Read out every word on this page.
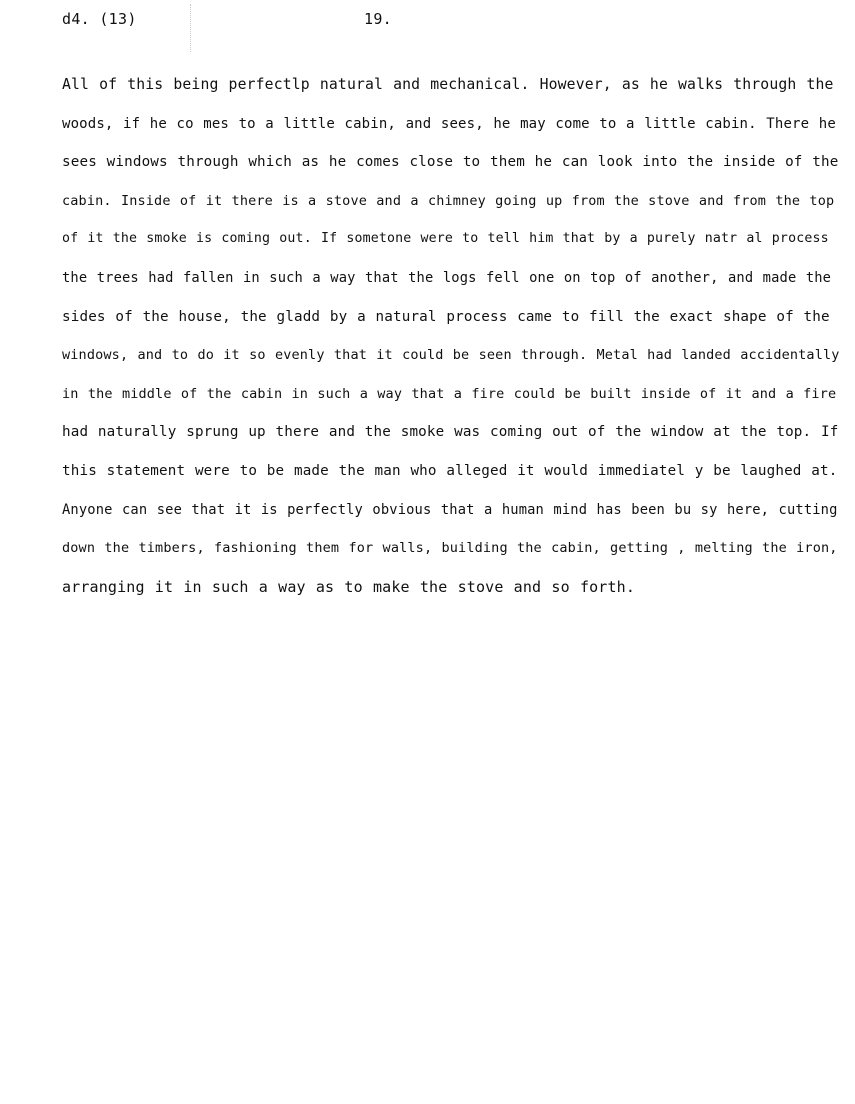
d4. (13)	19.
All of this being perfectlp natural and mechanical. However, as he walks through the
woods, if he co mes to a little cabin, and sees, he may come to a little cabin. There he
sees windows through which as he comes close to them he can look into the inside of the
cabin. Inside of it there is a stove and a chimney going up from the stove and from the top
of it the smoke is coming out. If sometone were to tell him that by a purely natr al process
the trees had fallen in such a way that the logs fell one on top of another, and made the
sides of the house, the gladd by a natural process came to fill the exact shape of the
windows, and to do it so evenly that it could be seen through. Metal had landed accidentally
in the middle of the cabin in such a way that a fire could be built inside of it and a fire
had naturally sprung up there and the smoke was coming out of the window at the top. If
this statement were to be made the man who alleged it would immediatel y be laughed at.
Anyone can see that it is perfectly obvious that a human mind has been bu sy here, cutting
down the timbers, fashioning them for walls, building the cabin, getting , melting the iron,
arranging it in such a way as to make the stove and so forth.
